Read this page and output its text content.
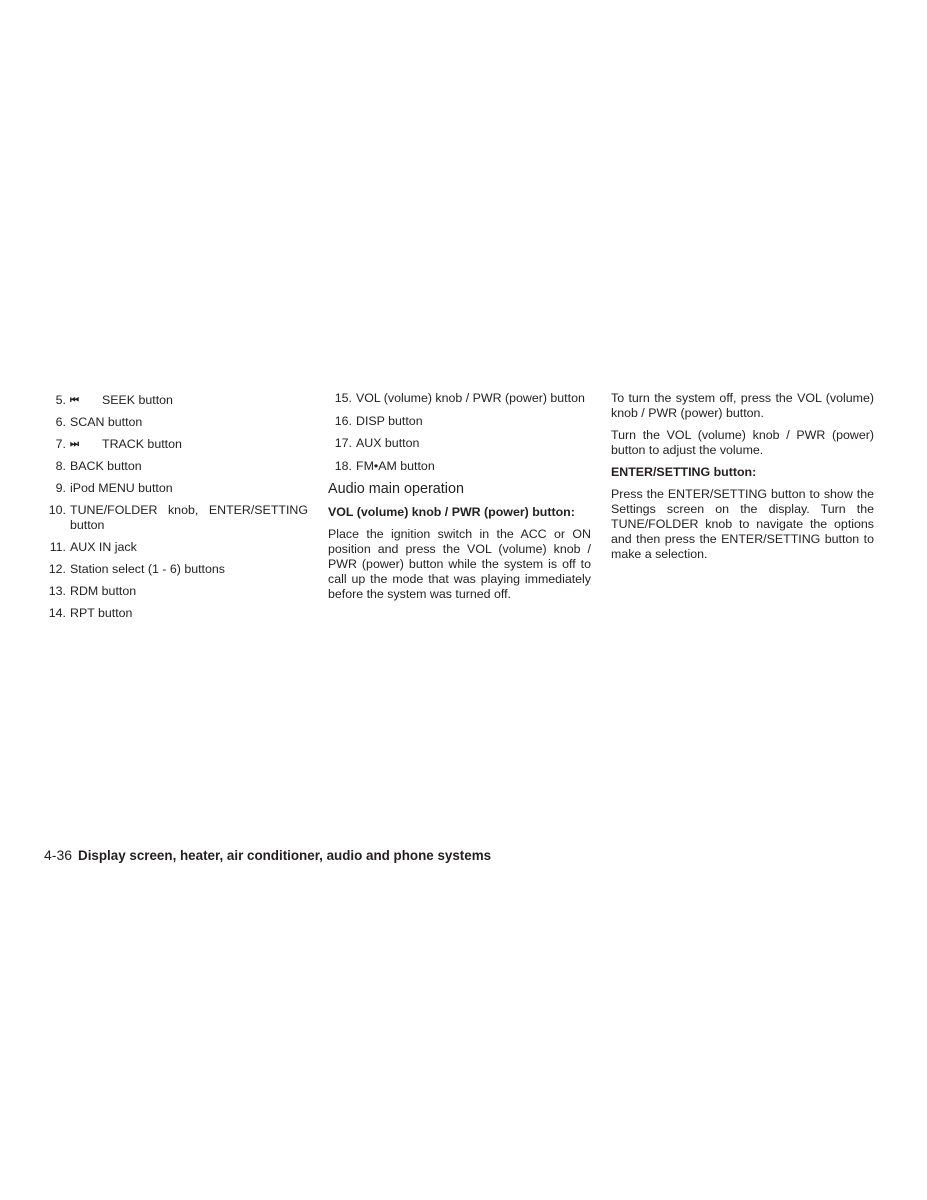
5. ⏮ SEEK button
6. SCAN button
7. ⏭ TRACK button
8. BACK button
9. iPod MENU button
10. TUNE/FOLDER knob, ENTER/SETTING button
11. AUX IN jack
12. Station select (1 - 6) buttons
13. RDM button
14. RPT button
15. VOL (volume) knob / PWR (power) button
16. DISP button
17. AUX button
18. FM•AM button
Audio main operation
VOL (volume) knob / PWR (power) button:

Place the ignition switch in the ACC or ON position and press the VOL (volume) knob / PWR (power) button while the system is off to call up the mode that was playing immediately before the system was turned off.

To turn the system off, press the VOL (volume) knob / PWR (power) button.

Turn the VOL (volume) knob / PWR (power) button to adjust the volume.

ENTER/SETTING button:

Press the ENTER/SETTING button to show the Settings screen on the display. Turn the TUNE/FOLDER knob to navigate the options and then press the ENTER/SETTING button to make a selection.

4-36 Display screen, heater, air conditioner, audio and phone systems
